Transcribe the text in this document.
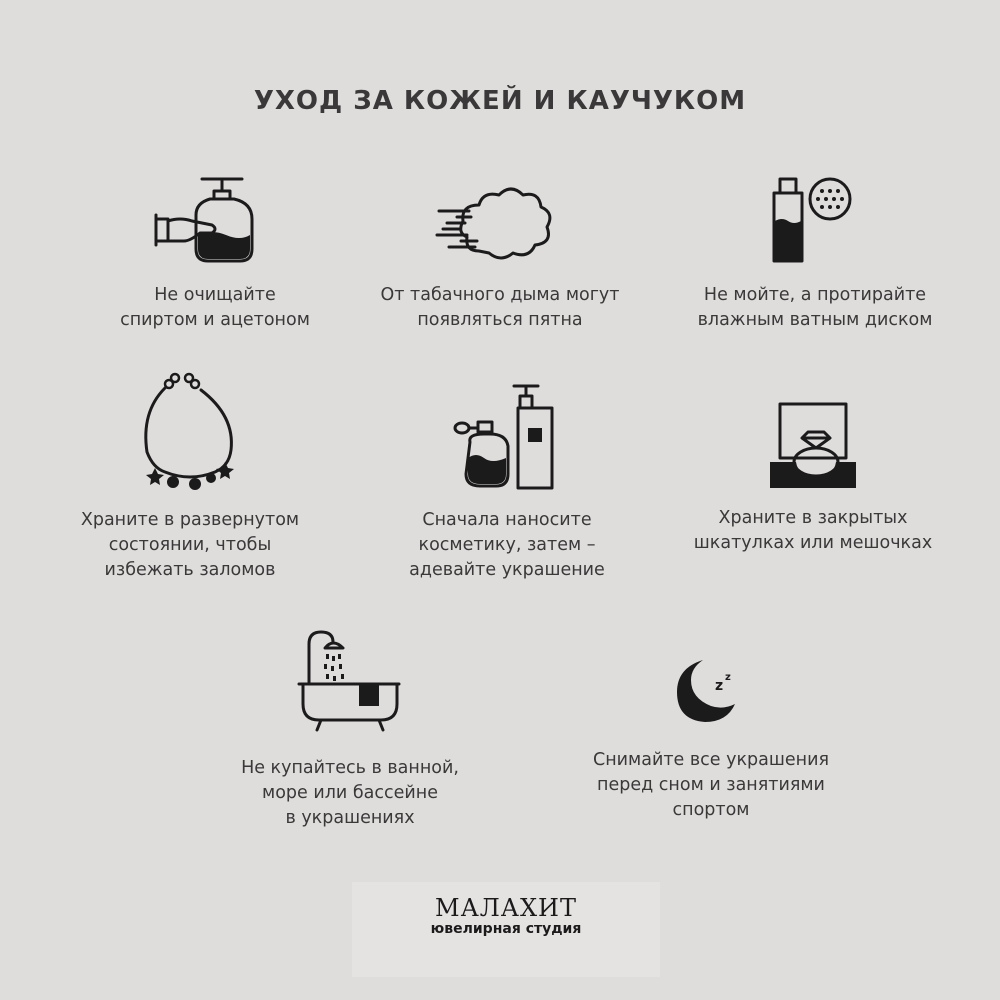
УХОД ЗА КОЖЕЙ И КАУЧУКОМ
Не очищайте
спиртом и ацетоном
От табачного дыма могут
появляться пятна
Не мойте, а протирайте
влажным ватным диском
Храните в развернутом
состоянии, чтобы
избежать заломов
Сначала наносите
косметику, затем –
адевайте украшение
Храните в закрытых
шкатулках или мешочках
Не купайтесь в ванной,
море или бассейне
в украшениях
z
z
Снимайте все украшения
перед сном и занятиями
спортом
МАЛАХИТ
ювелирная студия
